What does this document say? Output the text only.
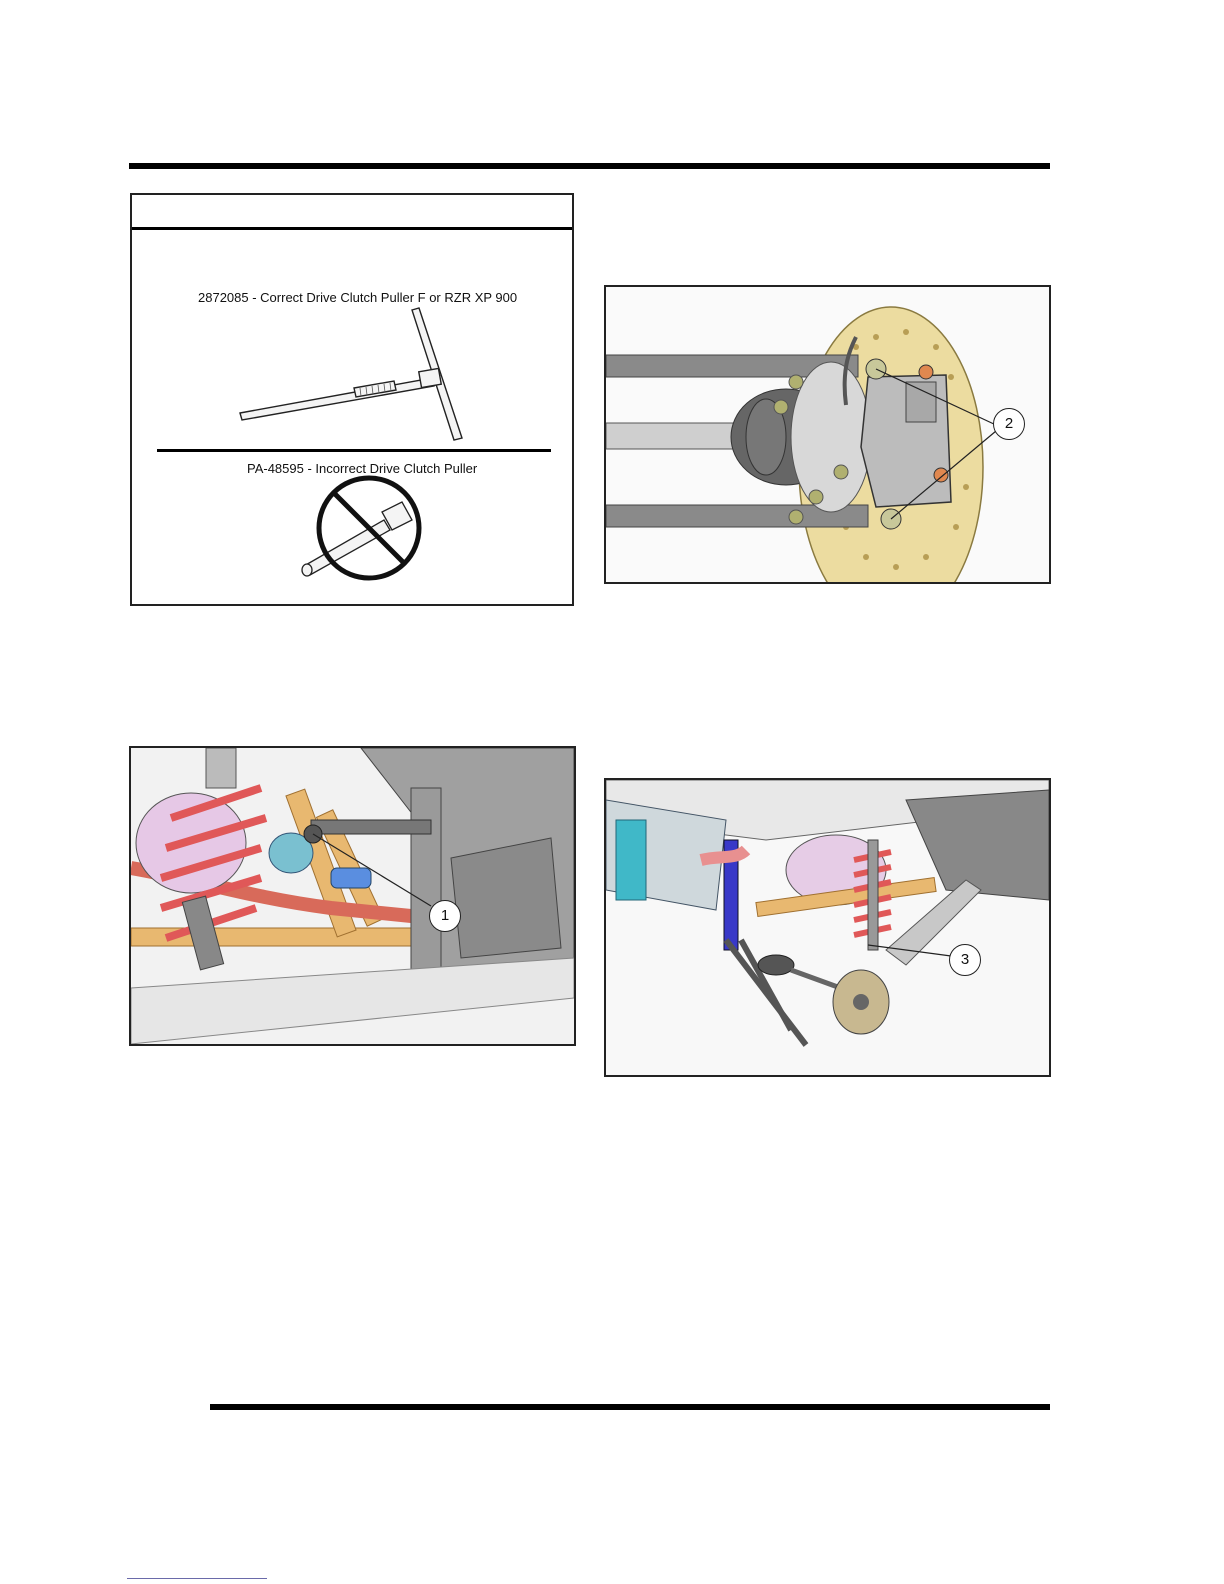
2872085 - Correct Drive Clutch Puller F or RZR XP 900
PA-48595 - Incorrect Drive Clutch Puller
2
1
3
